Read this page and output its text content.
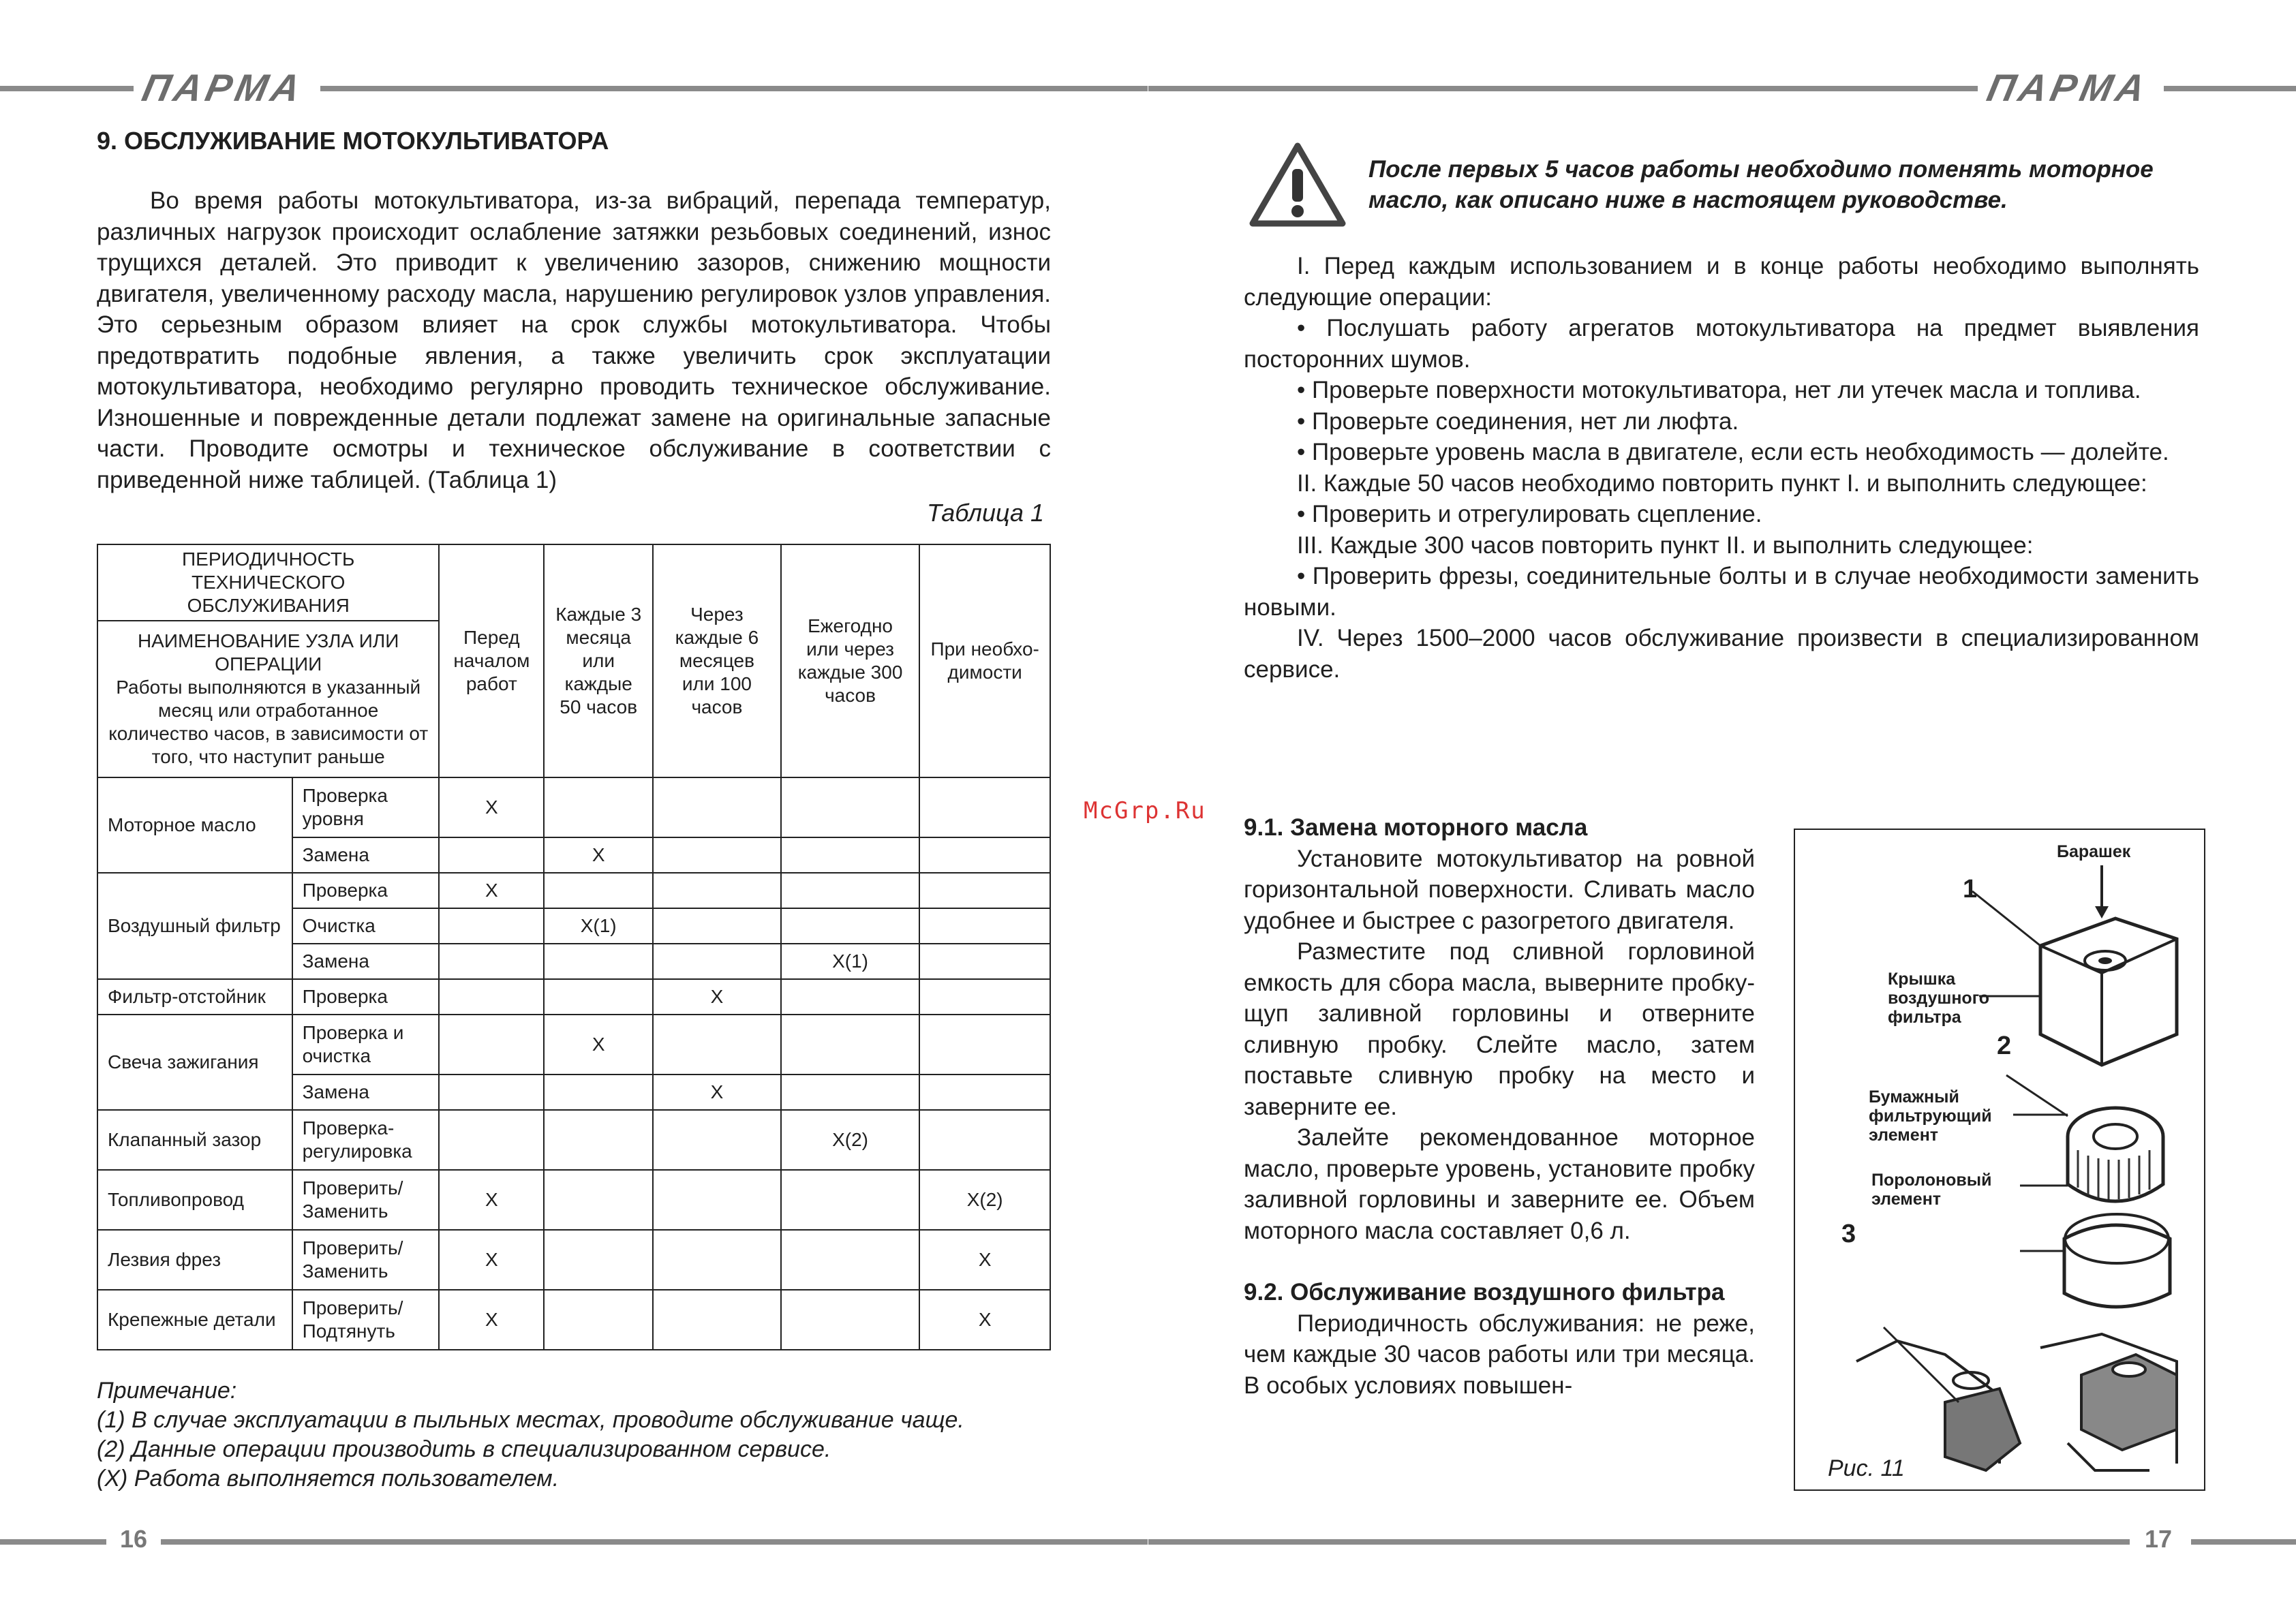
ПАРМА
9. ОБСЛУЖИВАНИЕ МОТОКУЛЬТИВАТОРА

Во время работы мотокультиватора, из-за вибраций, перепада температур, различных нагрузок происходит ослабление затяжки резьбовых соединений, износ трущихся деталей. Это приводит к увеличению зазоров, снижению мощности двигателя, увеличенному расходу масла, нарушению регулировок узлов управления. Это серьезным образом влияет на срок службы мотокультиватора. Чтобы предотвратить подобные явления, а также увеличить срок эксплуатации мотокультиватора, необходимо регулярно проводить техническое обслуживание. Изношенные и поврежденные детали подлежат замене на оригинальные запасные части. Проводите осмотры и техническое обслуживание в соответствии с приведенной ниже таблицей. (Таблица 1)

Таблица 1
ПЕРИОДИЧНОСТЬ ТЕХНИЧЕСКОГО ОБСЛУЖИВАНИЯ		Перед началом работ	Каждые 3 месяца или каждые 50 часов	Через каждые 6 месяцев или 100 часов	Ежегодно или через каждые 300 часов	При необхо-димости

НАИМЕНОВАНИЕ УЗЛА ИЛИ ОПЕРАЦИИ
Работы выполняются в указанный месяц или отработанное количество часов, в зависимости от того, что наступит раньше						

Моторное масло	Проверка уровня	X				
	Замена		X			
Воздушный фильтр	Проверка	X				
	Очистка		X(1)			
	Замена				X(1)	
Фильтр-отстойник	Проверка			X		
Свеча зажигания	Проверка и очистка		X			
	Замена			X		
Клапанный зазор	Проверка-регулировка				X(2)	
Топливопровод	Проверить/ Заменить	X				X(2)
Лезвия фрез	Проверить/ Заменить	X				X
Крепежные детали	Проверить/ Подтянуть	X				X
Примечание:
(1) В случае эксплуатации в пыльных местах, проводите обслуживание чаще.
(2) Данные операции производить в специализированном сервисе.
(X) Работа выполняется пользователем.
16
ПАРМА
17
После первых 5 часов работы необходимо поменять моторное масло, как описано ниже в настоящем руководстве.

I. Перед каждым использованием и в конце работы необходимо выполнять следующие операции:

• Послушать работу агрегатов мотокультиватора на предмет выявления посторонних шумов.

• Проверьте поверхности мотокультиватора, нет ли утечек масла и топлива.

• Проверьте соединения, нет ли люфта.

• Проверьте уровень масла в двигателе, если есть необходимость — долейте.

II. Каждые 50 часов необходимо повторить пункт I. и выполнить следующее:

• Проверить и отрегулировать сцепление.

III. Каждые 300 часов повторить пункт II. и выполнить следующее:

• Проверить фрезы, соединительные болты и в случае необходимости заменить новыми.

IV. Через 1500–2000 часов обслуживание произвести в специализированном сервисе.

McGrp.Ru
9.1. Замена моторного масла

Установите мотокультиватор на ровной горизонтальной поверхности. Сливать масло удобнее и быстрее с разогретого двигателя.

Разместите под сливной горловиной емкость для сбора масла, выверните пробку-щуп заливной горловины и отверните сливную пробку. Слейте масло, затем поставьте сливную пробку на место и заверните ее.

Залейте рекомендованное моторное масло, проверьте уровень, установите пробку заливной горловины и заверните ее. Объем моторного масла составляет 0,6 л.

9.2. Обслуживание воздушного фильтра

Периодичность обслуживания: не реже, чем каждые 30 часов работы или три месяца. В особых условиях повышен-

Барашек
Крышка воздушного фильтра
Бумажный фильтрующий элемент
Поролоновый элемент
1
2
3
Рис. 11
